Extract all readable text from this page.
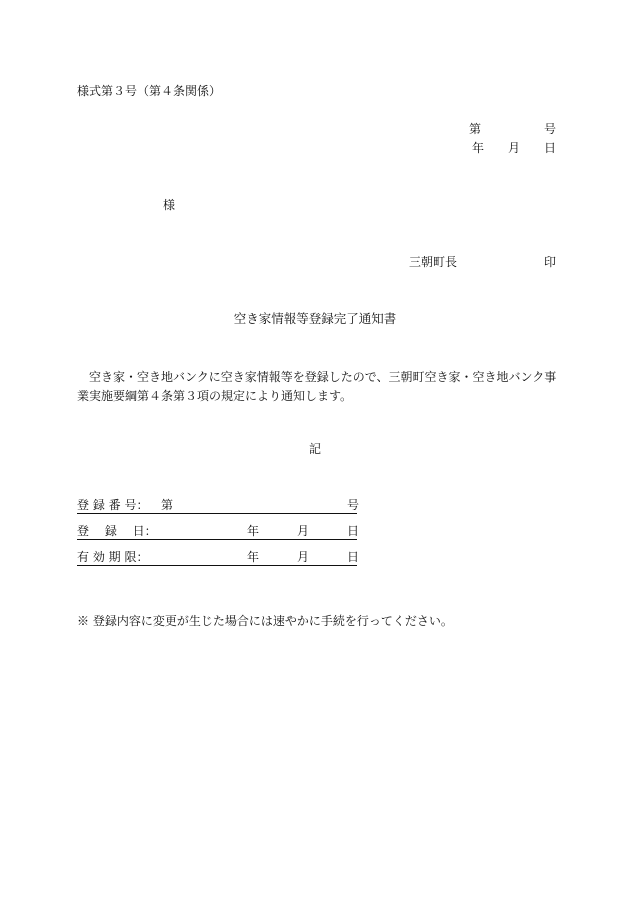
様式第３号（第４条関係）
第	号
年 月 日
様
三朝町長	印
空き家情報等登録完了通知書
空き家・空き地バンクに空き家情報等を登録したので、三朝町空き家・空き地バンク事業実施要綱第４条第３項の規定により通知します。
記
登 録 番 号： 第	号
登　 録 　日：	年	月	日
有 効 期 限：	年	月	日
※ 登録内容に変更が生じた場合には速やかに手続を行ってください。
